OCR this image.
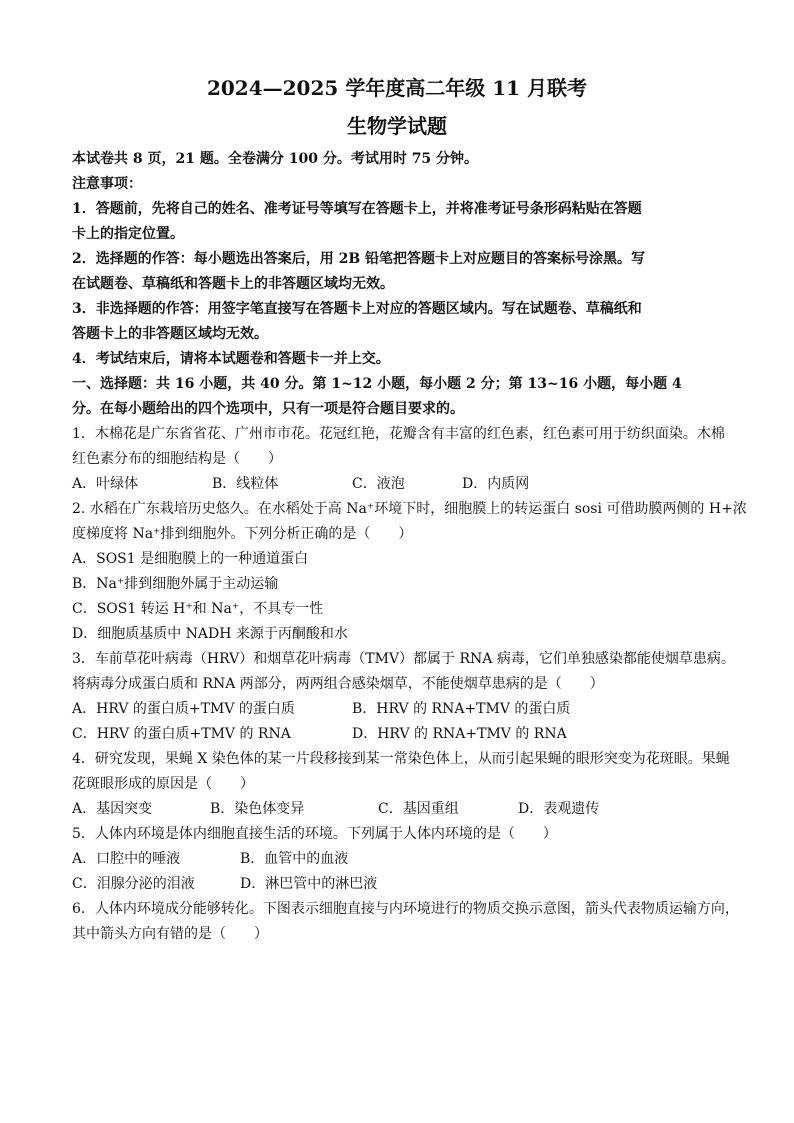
2024—2025 学年度高二年级 11 月联考
生物学试题
本试卷共 8 页，21 题。全卷满分 100 分。考试用时 75 分钟。
注意事项：
1．答题前，先将自己的姓名、准考证号等填写在答题卡上，并将准考证号条形码粘贴在答题
卡上的指定位置。
2．选择题的作答：每小题选出答案后，用 2B 铅笔把答题卡上对应题目的答案标号涂黑。写
在试题卷、草稿纸和答题卡上的非答题区域均无效。
3．非选择题的作答：用签字笔直接写在答题卡上对应的答题区域内。写在试题卷、草稿纸和
答题卡上的非答题区域均无效。
4．考试结束后，请将本试题卷和答题卡一并上交。
一、选择题：共 16 小题，共 40 分。第 1~12 小题，每小题 2 分；第 13~16 小题，每小题 4
分。在每小题给出的四个选项中，只有一项是符合题目要求的。
1．木棉花是广东省省花、广州市市花。花冠红艳，花瓣含有丰富的红色素，红色素可用于纺织面染。木棉
红色素分布的细胞结构是（　　）
A．叶绿体	B．线粒体	C．液泡	D．内质网
2. 水稻在广东栽培历史悠久。在水稻处于高 Na⁺环境下时，细胞膜上的转运蛋白 sosi 可借助膜两侧的 H+浓
度梯度将 Na⁺排到细胞外。下列分析正确的是（　　）
A．SOS1 是细胞膜上的一种通道蛋白
B．Na⁺排到细胞外属于主动运输
C．SOS1 转运 H⁺和 Na⁺，不具专一性
D．细胞质基质中 NADH 来源于丙酮酸和水
3．车前草花叶病毒（HRV）和烟草花叶病毒（TMV）都属于 RNA 病毒，它们单独感染都能使烟草患病。
将病毒分成蛋白质和 RNA 两部分，两两组合感染烟草，不能使烟草患病的是（　　）
A．HRV 的蛋白质+TMV 的蛋白质	B．HRV 的 RNA+TMV 的蛋白质
C．HRV 的蛋白质+TMV 的 RNA	D．HRV 的 RNA+TMV 的 RNA
4．研究发现，果蝇 X 染色体的某一片段移接到某一常染色体上，从而引起果蝇的眼形突变为花斑眼。果蝇
花斑眼形成的原因是（　　）
A．基因突变	B．染色体变异	C．基因重组	D．表观遗传
5．人体内环境是体内细胞直接生活的环境。下列属于人体内环境的是（　　）
A．口腔中的唾液	B．血管中的血液
C．泪腺分泌的泪液	D．淋巴管中的淋巴液
6．人体内环境成分能够转化。下图表示细胞直接与内环境进行的物质交换示意图，箭头代表物质运输方向，
其中箭头方向有错的是（　　）
